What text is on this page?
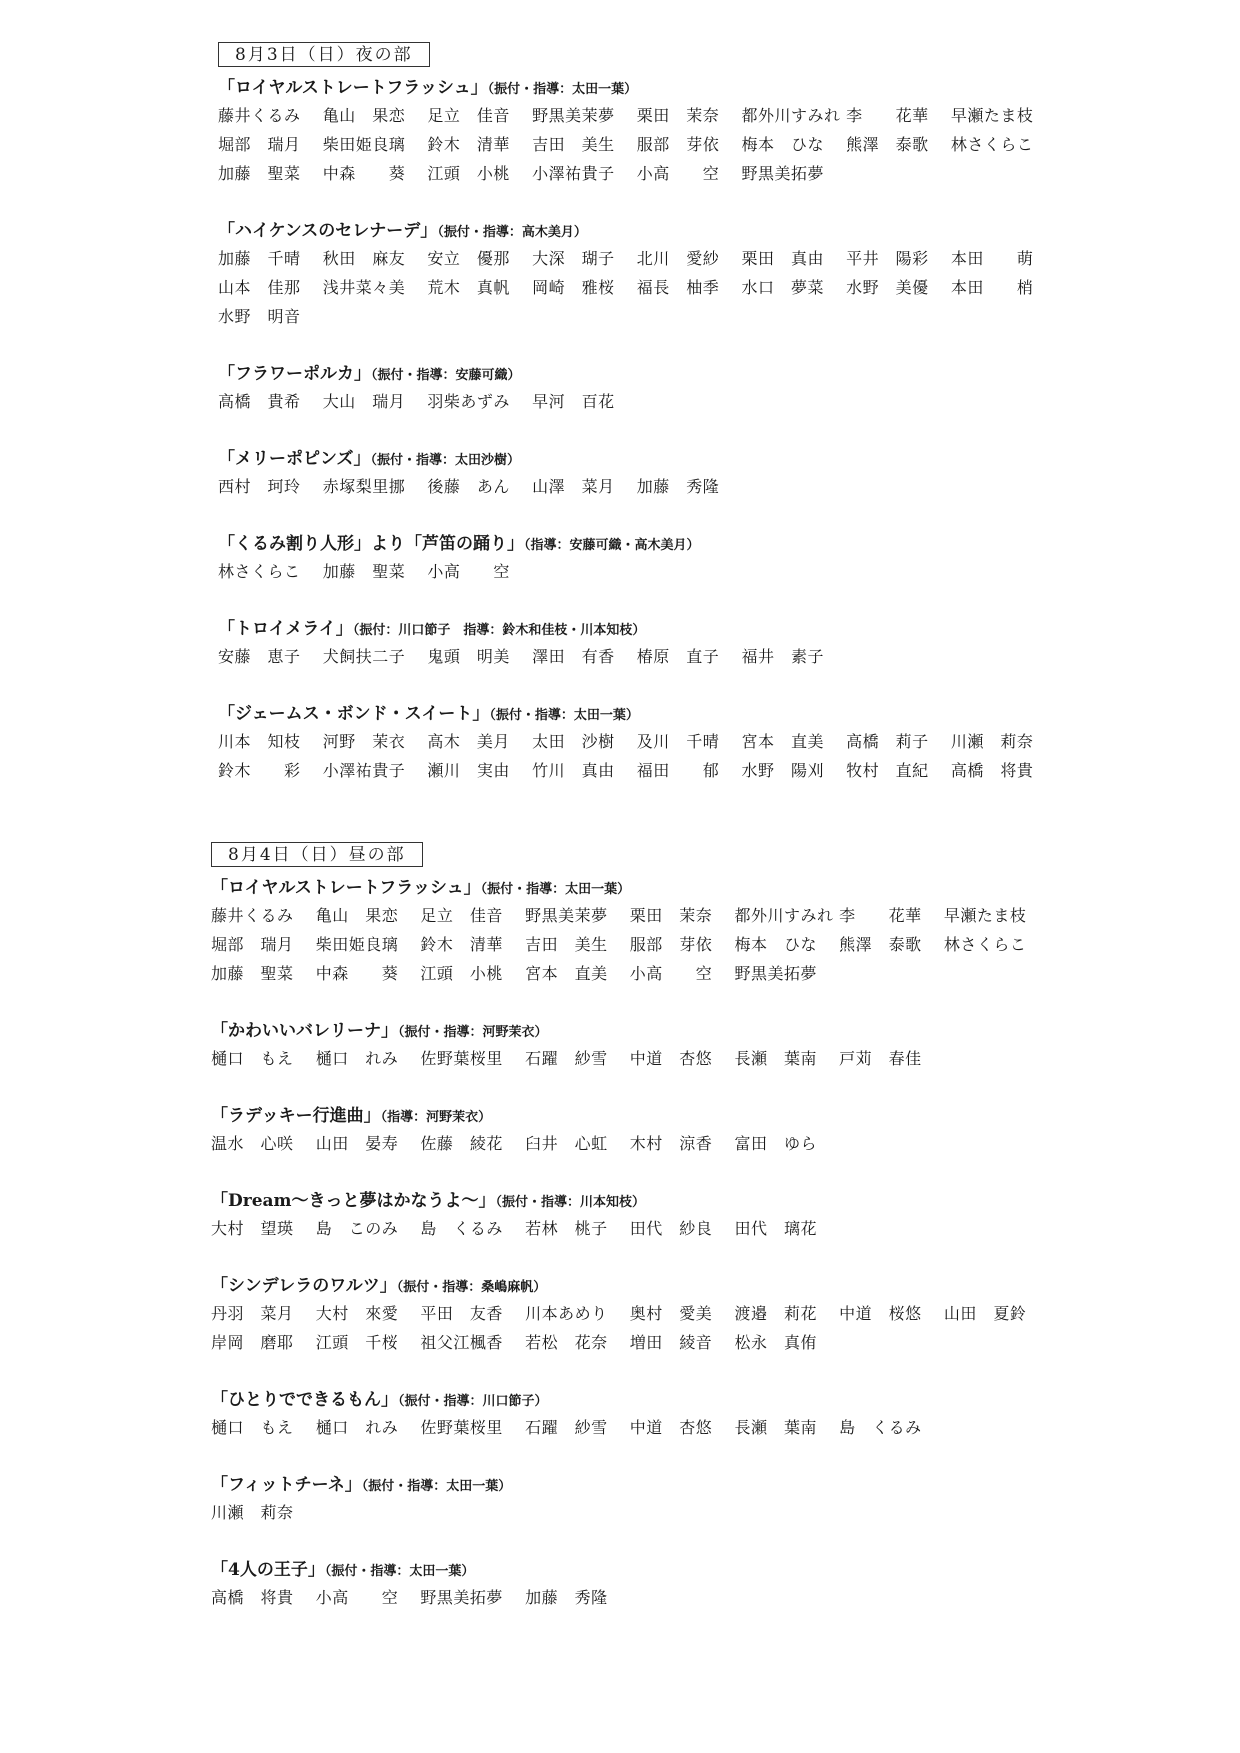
8月3日（日）夜の部
「ロイヤルストレートフラッシュ」（振付・指導：太田一葉）
藤井くるみ 亀山　果恋 足立　佳音 野黒美茉夢 栗田　茉奈 都外川すみれ 李　　花華 早瀬たま枝
堀部　瑞月 柴田姫良璃 鈴木　清華 吉田　美生 服部　芽依 梅本　ひな 熊澤　泰歌 林さくらこ
加藤　聖菜 中森　　葵 江頭　小桃 小澤祐貴子 小高　　空 野黒美拓夢
「ハイケンスのセレナーデ」（振付・指導：高木美月）
加藤　千晴 秋田　麻友 安立　優那 大深　瑚子 北川　愛紗 栗田　真由 平井　陽彩 本田　　萌
山本　佳那 浅井菜々美 荒木　真帆 岡崎　雅桜 福長　柚季 水口　夢菜 水野　美優 本田　　梢
水野　明音
「フラワーポルカ」（振付・指導：安藤可織）
高橋　貴希 大山　瑞月 羽柴あずみ 早河　百花
「メリーポピンズ」（振付・指導：太田沙樹）
西村　珂玲 赤塚梨里挪 後藤　あん 山澤　菜月 加藤　秀隆
「くるみ割り人形」より「芦笛の踊り」（指導：安藤可織・高木美月）
林さくらこ 加藤　聖菜 小高　　空
「トロイメライ」（振付：川口節子　指導：鈴木和佳枝・川本知枝）
安藤　恵子 犬飼扶二子 鬼頭　明美 澤田　有香 椿原　直子 福井　素子
「ジェームス・ボンド・スイート」（振付・指導：太田一葉）
川本　知枝 河野　茉衣 高木　美月 太田　沙樹 及川　千晴 宮本　直美 高橋　莉子 川瀬　莉奈
鈴木　　彩 小澤祐貴子 瀬川　実由 竹川　真由 福田　　郁 水野　陽刈 牧村　直紀 高橋　将貴
8月4日（日）昼の部
「ロイヤルストレートフラッシュ」（振付・指導：太田一葉）
藤井くるみ 亀山　果恋 足立　佳音 野黒美茉夢 栗田　茉奈 都外川すみれ 李　　花華 早瀬たま枝
堀部　瑞月 柴田姫良璃 鈴木　清華 吉田　美生 服部　芽依 梅本　ひな 熊澤　泰歌 林さくらこ
加藤　聖菜 中森　　葵 江頭　小桃 宮本　直美 小高　　空 野黒美拓夢
「かわいいバレリーナ」（振付・指導：河野茉衣）
樋口　もえ 樋口　れみ 佐野葉桜里 石躍　紗雪 中道　杏悠 長瀬　葉南 戸苅　春佳
「ラデッキー行進曲」（指導：河野茉衣）
温水　心咲 山田　晏寿 佐藤　綾花 臼井　心虹 木村　涼香 富田　ゆら
「Dream～きっと夢はかなうよ～」（振付・指導：川本知枝）
大村　望瑛 島　このみ 島　くるみ 若林　桃子 田代　紗良 田代　璃花
「シンデレラのワルツ」（振付・指導：桑嶋麻帆）
丹羽　菜月 大村　來愛 平田　友香 川本あめり 奥村　愛美 渡邉　莉花 中道　桜悠 山田　夏鈴
岸岡　磨耶 江頭　千桜 祖父江楓香 若松　花奈 増田　綾音 松永　真侑
「ひとりでできるもん」（振付・指導：川口節子）
樋口　もえ 樋口　れみ 佐野葉桜里 石躍　紗雪 中道　杏悠 長瀬　葉南 島　くるみ
「フィットチーネ」（振付・指導：太田一葉）
川瀬　莉奈
「4人の王子」（振付・指導：太田一葉）
高橋　将貴 小高　　空 野黒美拓夢 加藤　秀隆
